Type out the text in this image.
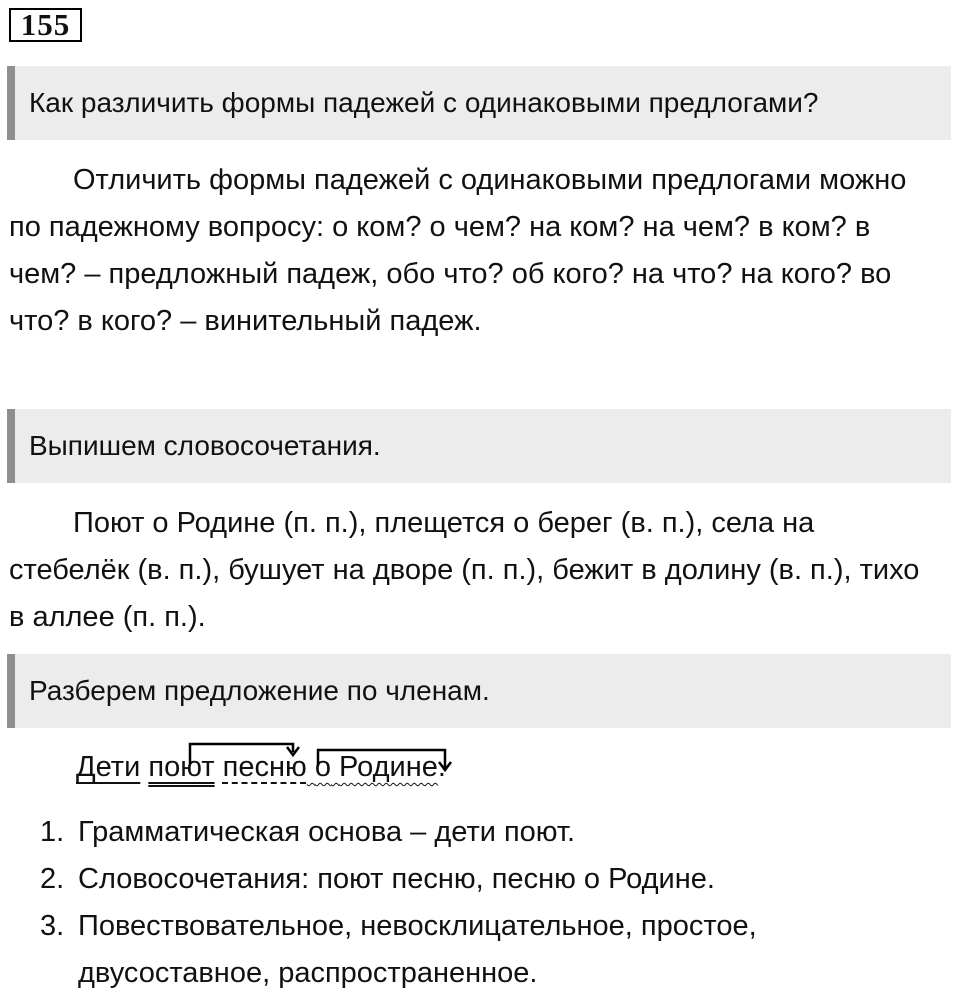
155
Как различить формы падежей с одинаковыми предлогами?

Отличить формы падежей с одинаковыми предлогами можно по падежному вопросу: о ком? о чем? на ком? на чем? в ком? в чем? – предложный падеж, обо что? об кого? на что? на кого? во что? в кого? – винительный падеж.

Выпишем словосочетания.

Поют о Родине (п. п.), плещется о берег (в. п.), села на стебелёк (в. п.), бушует на дворе (п. п.), бежит в долину (в. п.), тихо в аллее (п. п.).

Разберем предложение по членам.
Дети поют песню о Родине.
1. Грамматическая основа – дети поют.
2. Словосочетания: поют песню, песню о Родине.
3. Повествовательное, невосклицательное, простое, двусоставное, распространенное.
